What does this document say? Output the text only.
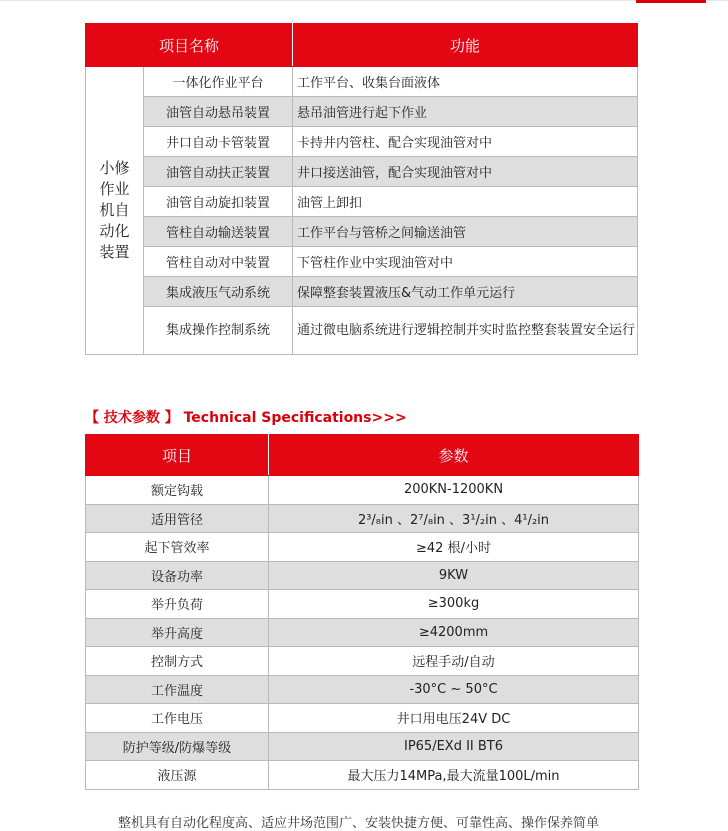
项目名称		功能
小修作业机自动化装置	一体化作业平台	工作平台、收集台面液体
	油管自动悬吊装置	悬吊油管进行起下作业
	井口自动卡管装置	卡持井内管柱、配合实现油管对中
	油管自动扶正装置	井口接送油管，配合实现油管对中
	油管自动旋扣装置	油管上卸扣
	管柱自动输送装置	工作平台与管桥之间输送油管
	管柱自动对中装置	下管柱作业中实现油管对中
	集成液压气动系统	保障整套装置液压&气动工作单元运行
	集成操作控制系统	通过微电脑系统进行逻辑控制并实时监控整套装置安全运行
【 技术参数 】 Technical Specifications>>>
项目	参数
额定钩载	200KN-1200KN
适用管径	2³/₈in 、2⁷/₈in 、3¹/₂in 、4¹/₂in
起下管效率	≥42 根/小时
设备功率	9KW
举升负荷	≥300kg
举升高度	≥4200mm
控制方式	远程手动/自动
工作温度	-30°C ~ 50°C
工作电压	井口用电压24V DC
防护等级/防爆等级	IP65/EXd II BT6
液压源	最大压力14MPa,最大流量100L/min
整机具有自动化程度高、适应井场范围广、安装快捷方便、可靠性高、操作保养简单
